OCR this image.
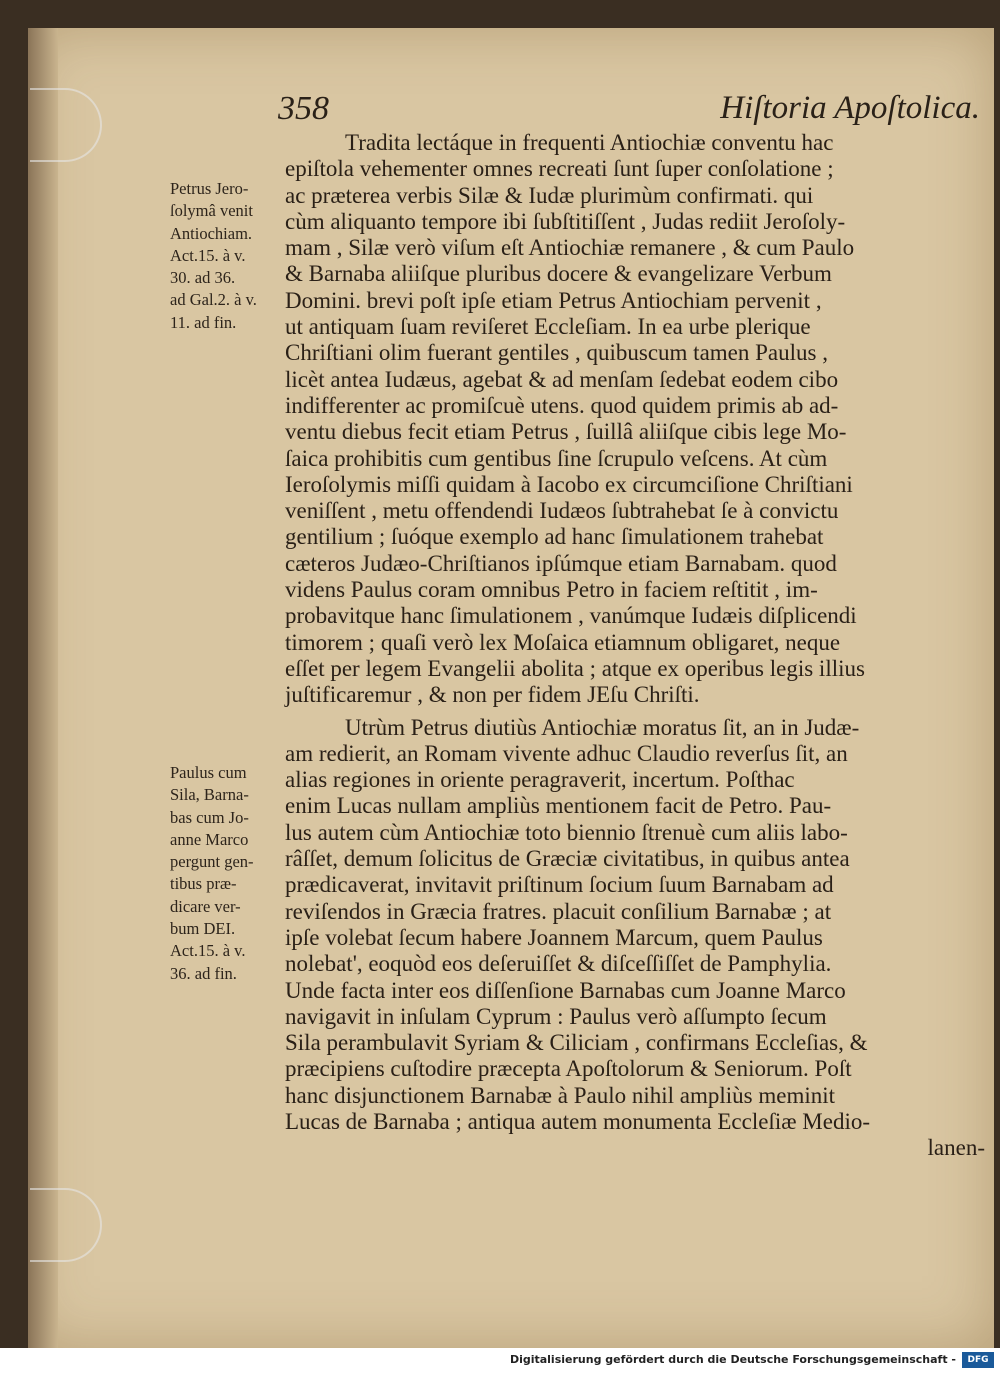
358	Hiſtoria Apoſtolica.
Petrus Jero-
ſolymâ venit
Antiochiam.
Act.15. à v.
30. ad 36.
ad Gal.2. à v.
11. ad fin.
Paulus cum
Sila, Barna-
bas cum Jo-
anne Marco
pergunt gen-
tibus præ-
dicare ver-
bum DEI.
Act.15. à v.
36. ad fin.
Tradita lectáque in frequenti Antiochiæ conventu hac
epiſtola vehementer omnes recreati ſunt ſuper conſolatione ;
ac præterea verbis Silæ & Iudæ plurimùm confirmati. qui
cùm aliquanto tempore ibi ſubſtitiſſent , Judas rediit Jeroſoly-
mam , Silæ verò viſum eſt Antiochiæ remanere , & cum Paulo
& Barnaba aliiſque pluribus docere & evangelizare Verbum
Domini. brevi poſt ipſe etiam Petrus Antiochiam pervenit ,
ut antiquam ſuam reviſeret Eccleſiam. In ea urbe plerique
Chriſtiani olim fuerant gentiles , quibuscum tamen Paulus ,
licèt antea Iudæus, agebat & ad menſam ſedebat eodem cibo
indifferenter ac promiſcuè utens. quod quidem primis ab ad-
ventu diebus fecit etiam Petrus , ſuillâ aliiſque cibis lege Mo-
ſaica prohibitis cum gentibus ſine ſcrupulo veſcens. At cùm
Ieroſolymis miſſi quidam à Iacobo ex circumciſione Chriſtiani
veniſſent , metu offendendi Iudæos ſubtrahebat ſe à convictu
gentilium ; ſuóque exemplo ad hanc ſimulationem trahebat
cæteros Judæo-Chriſtianos ipſúmque etiam Barnabam. quod
videns Paulus coram omnibus Petro in faciem reſtitit , im-
probavitque hanc ſimulationem , vanúmque Iudæis diſplicendi
timorem ; quaſi verò lex Moſaica etiamnum obligaret, neque
eſſet per legem Evangelii abolita ; atque ex operibus legis illius
juſtificaremur , & non per fidem JEſu Chriſti.
Utrùm Petrus diutiùs Antiochiæ moratus ſit, an in Judæ-
am redierit, an Romam vivente adhuc Claudio reverſus ſit, an
alias regiones in oriente peragraverit, incertum. Poſthac
enim Lucas nullam ampliùs mentionem facit de Petro. Pau-
lus autem cùm Antiochiæ toto biennio ſtrenuè cum aliis labo-
râſſet, demum ſolicitus de Græciæ civitatibus, in quibus antea
prædicaverat, invitavit priſtinum ſocium ſuum Barnabam ad
reviſendos in Græcia fratres. placuit conſilium Barnabæ ; at
ipſe volebat ſecum habere Joannem Marcum, quem Paulus
nolebat', eoquòd eos deſeruiſſet & diſceſſiſſet de Pamphylia.
Unde facta inter eos diſſenſione Barnabas cum Joanne Marco
navigavit in inſulam Cyprum : Paulus verò aſſumpto ſecum
Sila perambulavit Syriam & Ciliciam , confirmans Eccleſias, &
præcipiens cuſtodire præcepta Apoſtolorum & Seniorum. Poſt
hanc disjunctionem Barnabæ à Paulo nihil ampliùs meminit
Lucas de Barnaba ; antiqua autem monumenta Eccleſiæ Medio-
lanen-
Digitalisierung gefördert durch die Deutsche Forschungsgemeinschaft -	DFG
